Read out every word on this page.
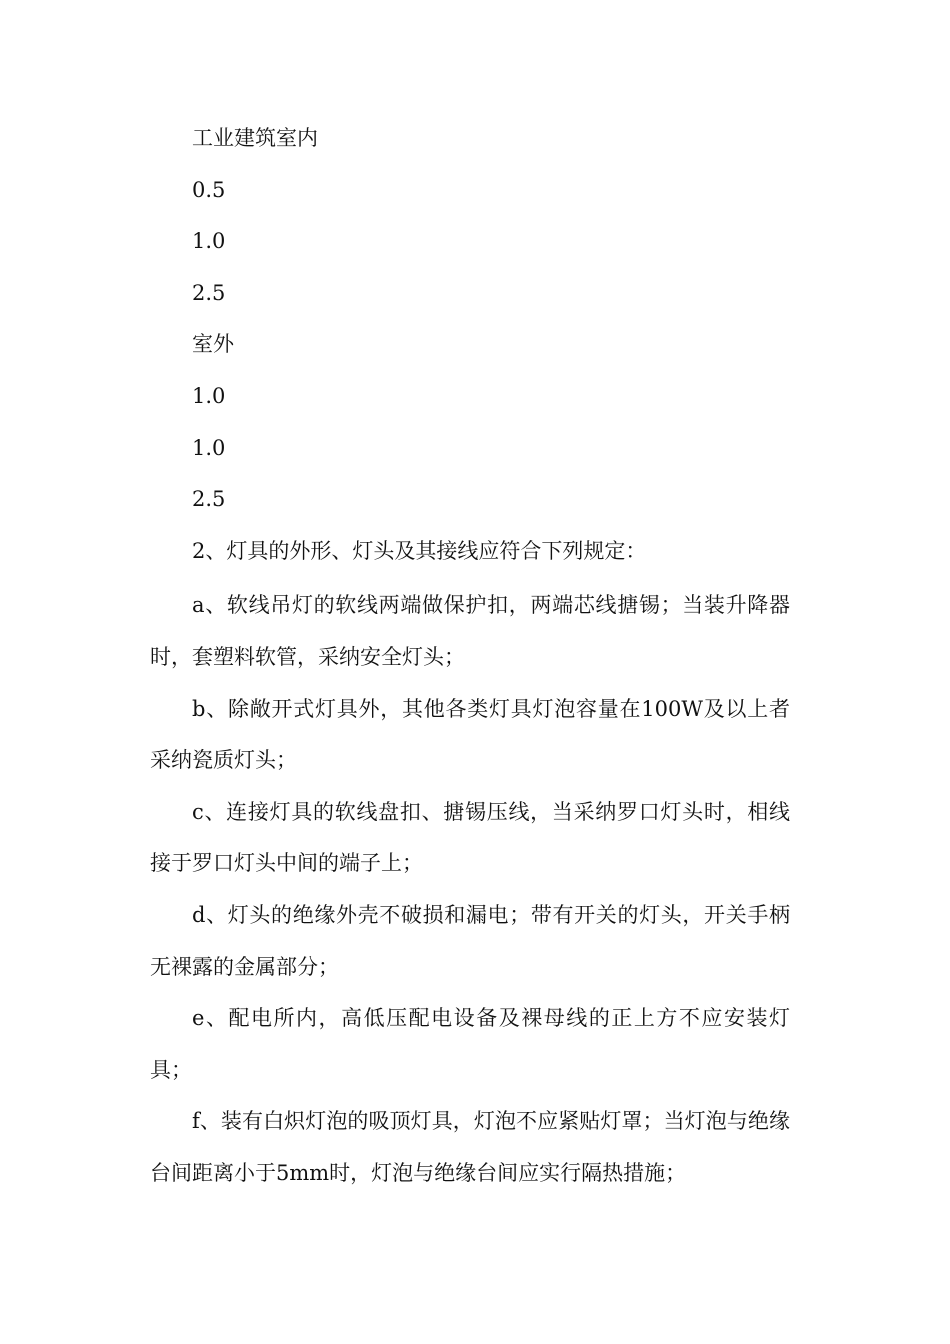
工业建筑室内
0.5
1.0
2.5
室外
1.0
1.0
2.5
2、灯具的外形、灯头及其接线应符合下列规定：
a、软线吊灯的软线两端做保护扣，两端芯线搪锡；当装升降器时，套塑料软管，采纳安全灯头；
b、除敞开式灯具外，其他各类灯具灯泡容量在100W及以上者采纳瓷质灯头；
c、连接灯具的软线盘扣、搪锡压线，当采纳罗口灯头时，相线接于罗口灯头中间的端子上；
d、灯头的绝缘外壳不破损和漏电；带有开关的灯头，开关手柄无裸露的金属部分；
e、配电所内，高低压配电设备及裸母线的正上方不应安装灯具；
f、装有白炽灯泡的吸顶灯具，灯泡不应紧贴灯罩；当灯泡与绝缘台间距离小于5mm时，灯泡与绝缘台间应实行隔热措施；
